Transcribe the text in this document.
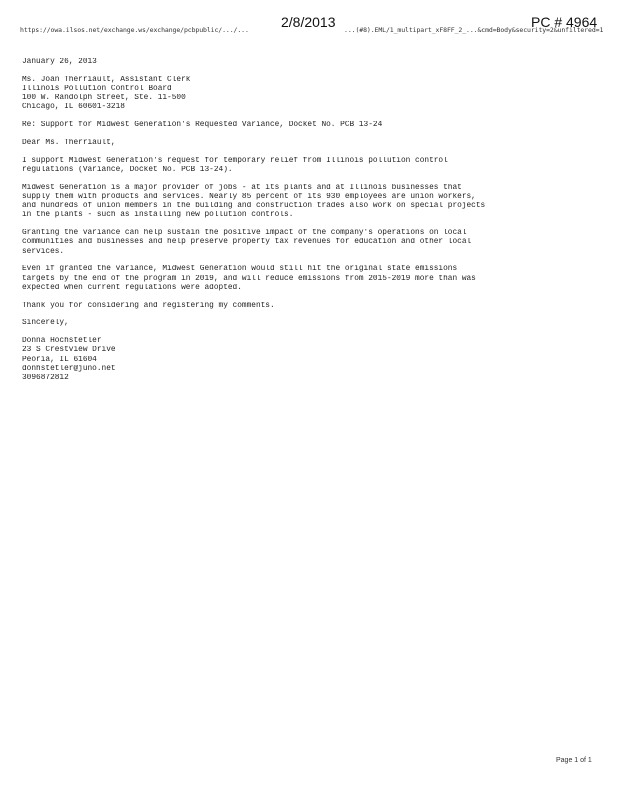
https://owa.ilsos.net/exchange.ws/exchange/pcbpublic/.../... 2/8/2013 ...(#8).EML/1_multipart_xF8FF_2_...&cmd=Body&security=2&unfiltered=1
PC # 4964
January 26, 2013
Ms. Joan Therriault, Assistant Clerk
Illinois Pollution Control Board
100 W. Randolph Street, Ste. 11-500
Chicago, IL 60601-3218
Re: Support for Midwest Generation's Requested Variance, Docket No. PCB 13-24
Dear Ms. Therriault,
I support Midwest Generation's request for temporary relief from Illinois pollution control
regulations (Variance, Docket No. PCB 13-24).
Midwest Generation is a major provider of jobs - at its plants and at Illinois businesses that
supply them with products and services. Nearly 85 percent of its 930 employees are union workers,
and hundreds of union members in the building and construction trades also work on special projects
in the plants - such as installing new pollution controls.
Granting the variance can help sustain the positive impact of the company's operations on local
communities and businesses and help preserve property tax revenues for education and other local
services.
Even if granted the variance, Midwest Generation would still hit the original state emissions
targets by the end of the program in 2019, and will reduce emissions from 2015-2019 more than was
expected when current regulations were adopted.
Thank you for considering and registering my comments.
Sincerely,
Donna Hochstetler
23 S Crestview Drive
Peoria, IL 61604
donhstetler@juno.net
3096872812
Page 1 of 1
